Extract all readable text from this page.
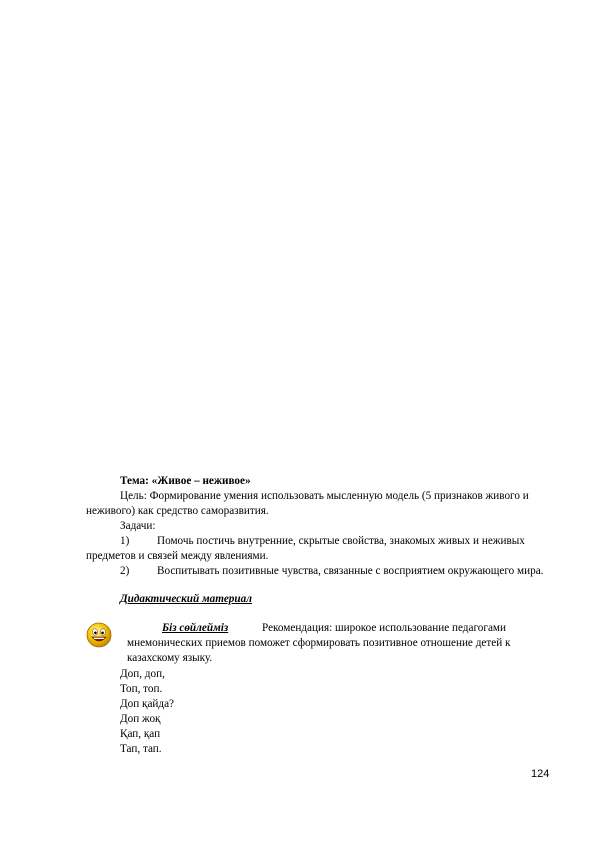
Тема: «Живое – неживое»
Цель: Формирование умения использовать мысленную модель (5 признаков живого и
неживого) как средство саморазвития.
Задачи:
1) Помочь постичь внутренние, скрытые свойства, знакомых живых и неживых
предметов и связей между явлениями.
2) Воспитывать позитивные чувства, связанные с восприятием окружающего мира.
Дидактический материал
Біз сөйлейміз	Рекомендация: широкое использование педагогами
мнемонических приемов поможет сформировать позитивное отношение детей к
казахскому языку.
Доп, доп,
Топ, топ.
Доп қайда?
Доп жоқ
Қап, қап
Тап, тап.
124
